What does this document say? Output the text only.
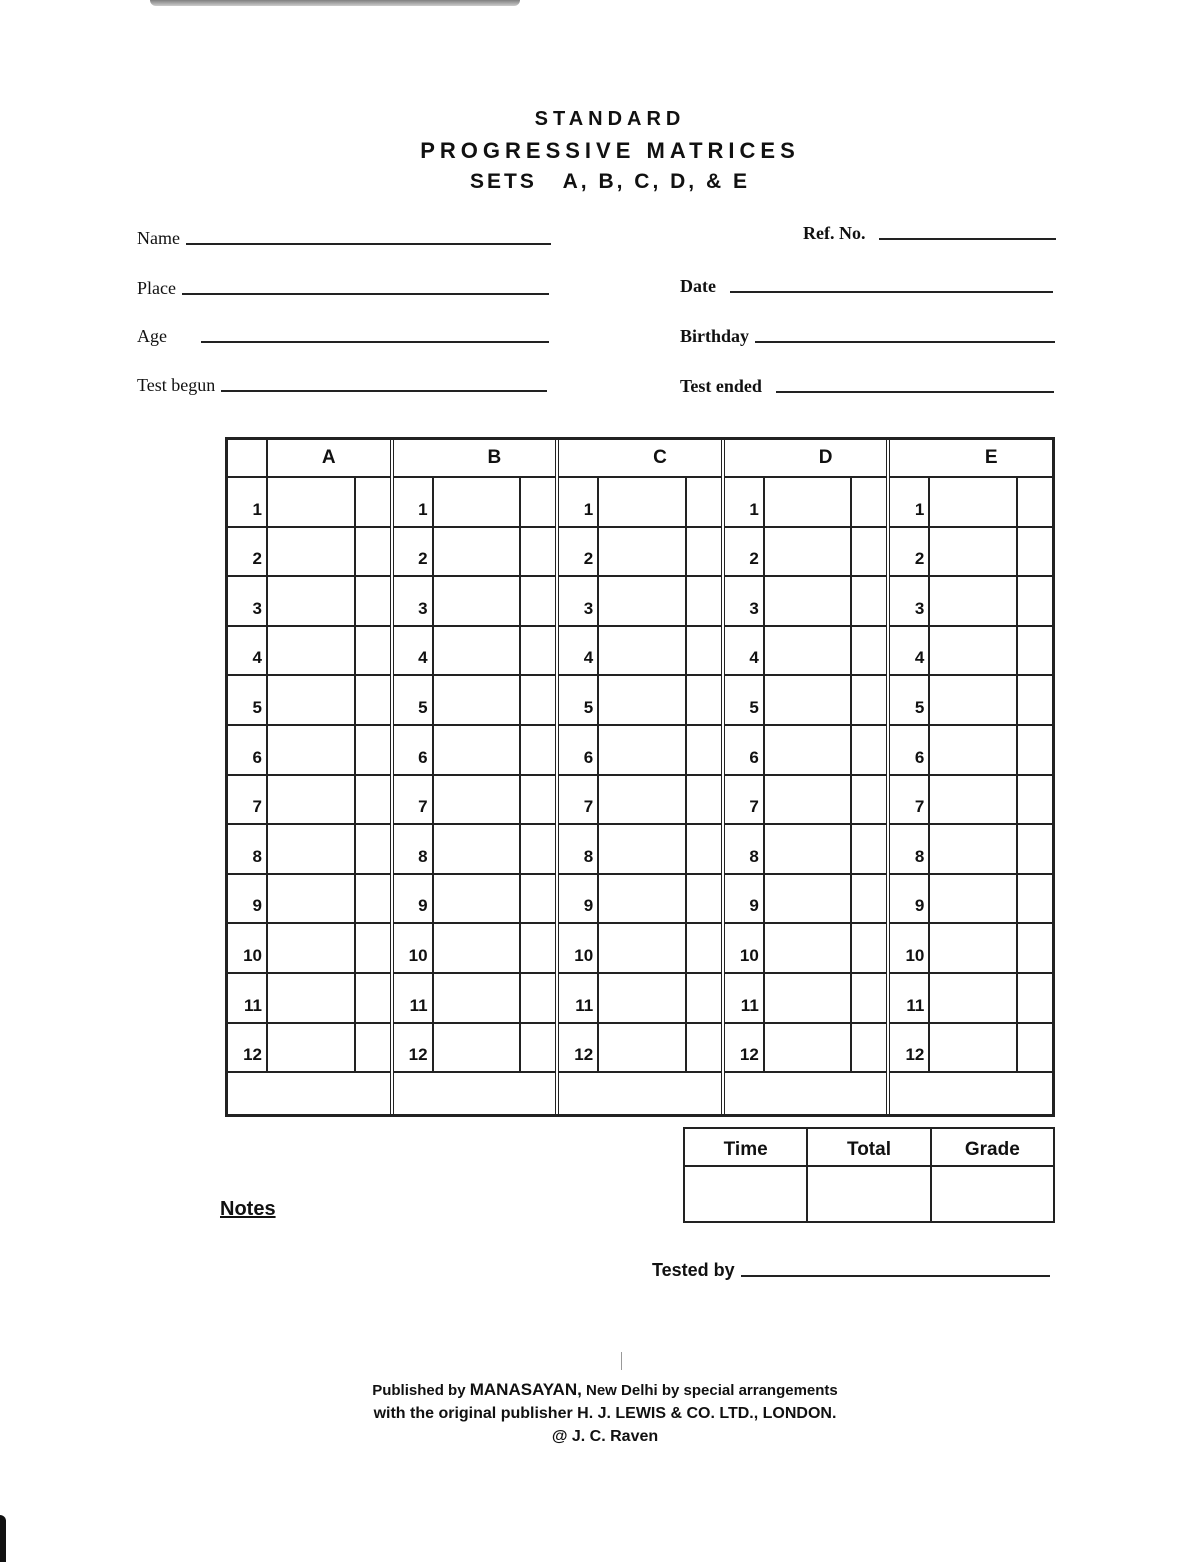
STANDARD
PROGRESSIVE MATRICES
SETS   A, B, C, D, & E
Name
Place
Age
Test begun
Ref. No.
Date
Birthday
Test ended
A
1
2
3
4
5
6
7
8
9
10
11
12
B
1
2
3
4
5
6
7
8
9
10
11
12
C
1
2
3
4
5
6
7
8
9
10
11
12
D
1
2
3
4
5
6
7
8
9
10
11
12
E
1
2
3
4
5
6
7
8
9
10
11
12
Time	Total	Grade
Notes
Tested by
Published by MANASAYAN, New Delhi by special arrangements
with the original publisher H. J. LEWIS & CO. LTD., LONDON.
@ J. C. Raven
